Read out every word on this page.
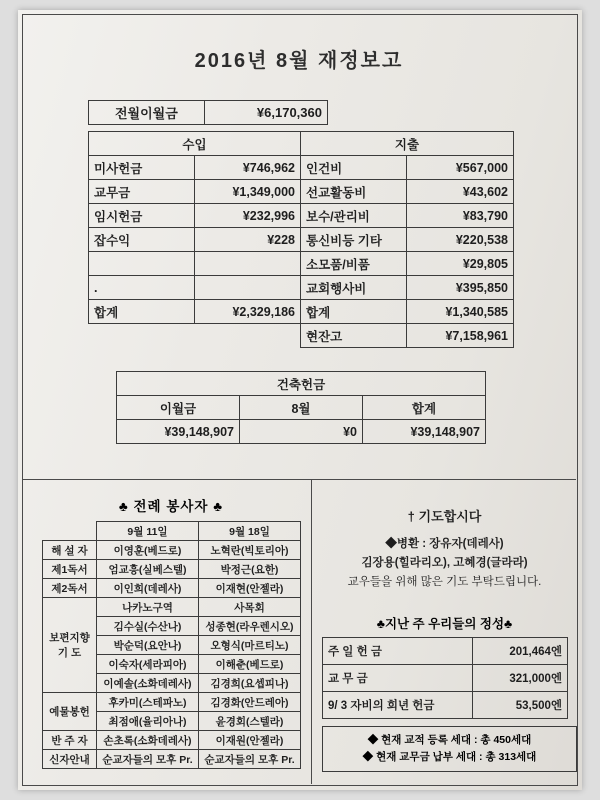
2016년 8월 재정보고
전월이월금	¥6,170,360
수입		지출	
미사헌금	¥746,962	인건비	¥567,000
교무금	¥1,349,000	선교활동비	¥43,602
임시헌금	¥232,996	보수/관리비	¥83,790
잡수익	¥228	통신비등 기타	¥220,538
		소모품/비품	¥29,805
.		교회행사비	¥395,850
합계	¥2,329,186	합계	¥1,340,585
		현잔고	¥7,158,961
건축헌금		
이월금	8월	합계
¥39,148,907	¥0	¥39,148,907
♣ 전례 봉사자 ♣
	9월 11일	9월 18일
해 설 자	이영훈(베드로)	노혁란(빅토리아)
제1독서	엄교흥(실베스텔)	박정근(요한)
제2독서	이인희(데레사)	이재현(안젤라)
보편지향
기 도	나카노구역	사목회
	김수실(수산나)	성종현(라우렌시오)
	박순덕(요안나)	오형식(마르티노)
	이숙자(세라피아)	이해춘(베드로)
	이예솔(소화데레사)	김경희(요셉피나)
예물봉헌	후카미(스테파노)	김경화(안드레아)
	최점애(율리아나)	윤경회(스텔라)
반 주 자	손초록(소화데레사)	이재원(안젤라)
신자안내	순교자들의 모후 Pr.	순교자들의 모후 Pr.
† 기도합시다
◆병환 : 장유자(데레사)
김장용(힐라리오), 고혜경(글라라)
교우들을 위해 많은 기도 부탁드립니다.
♣지난 주 우리들의 정성♣
주 일 헌 금	201,464엔
교 무 금	321,000엔
9/ 3 자비의 희년 헌금	53,500엔
◆ 현재 교적 등록 세대 : 총 450세대
◆ 현재 교무금 납부 세대 : 총 313세대
